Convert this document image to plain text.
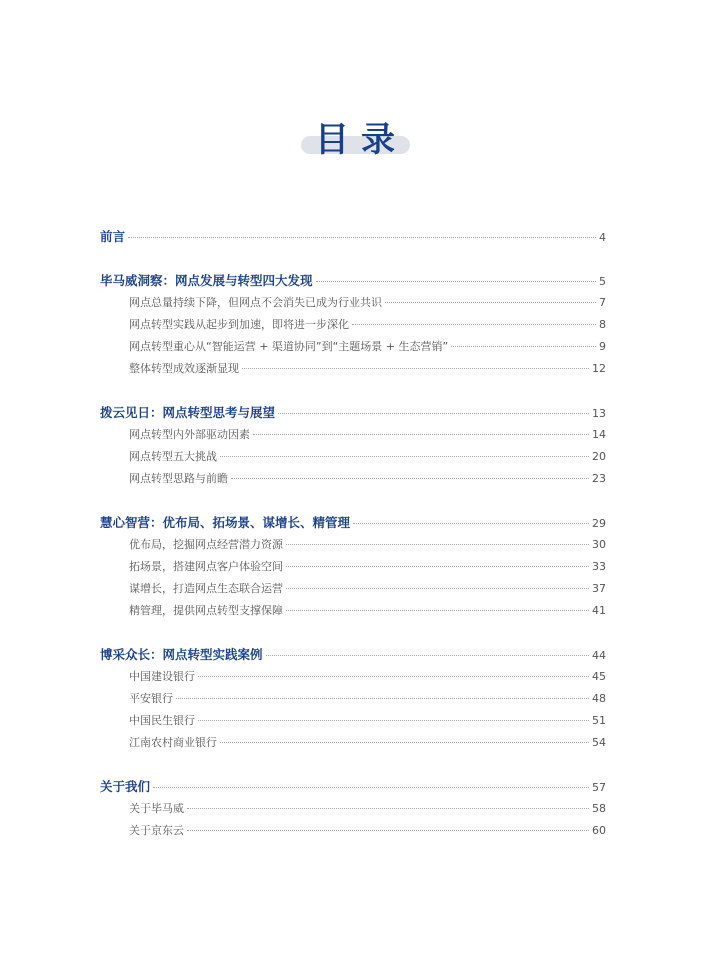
目录
前言	4
毕马威洞察：网点发展与转型四大发现	5
网点总量持续下降，但网点不会消失已成为行业共识	7
网点转型实践从起步到加速，即将进一步深化	8
网点转型重心从“智能运营 + 渠道协同”到“主题场景 + 生态营销”	9
整体转型成效逐渐显现	12
拨云见日：网点转型思考与展望	13
网点转型内外部驱动因素	14
网点转型五大挑战	20
网点转型思路与前瞻	23
慧心智营：优布局、拓场景、谋增长、精管理	29
优布局，挖掘网点经营潜力资源	30
拓场景，搭建网点客户体验空间	33
谋增长，打造网点生态联合运营	37
精管理，提供网点转型支撑保障	41
博采众长：网点转型实践案例	44
中国建设银行	45
平安银行	48
中国民生银行	51
江南农村商业银行	54
关于我们	57
关于毕马威	58
关于京东云	60
